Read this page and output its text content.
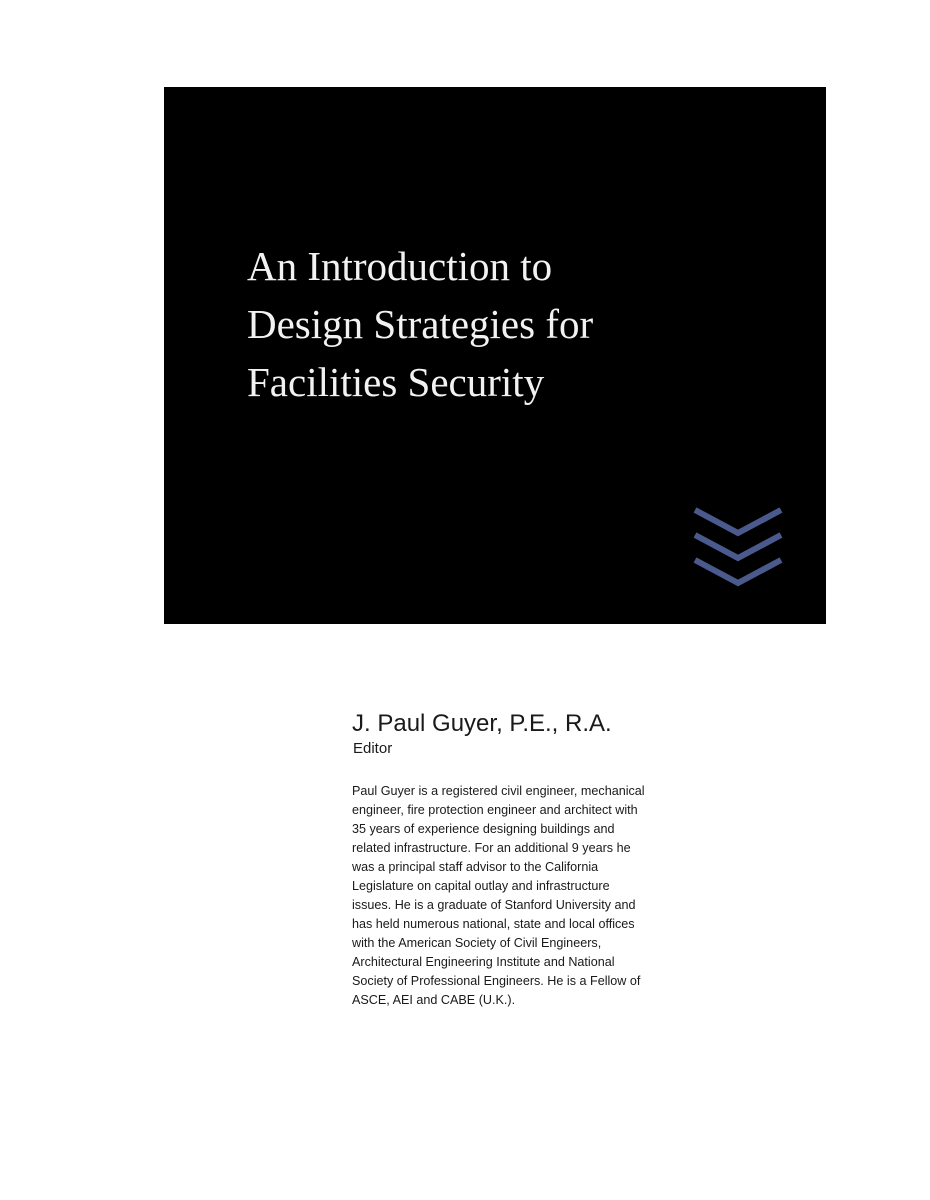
An Introduction to
Design Strategies for
Facilities Security
J. Paul Guyer, P.E., R.A.

Editor

Paul Guyer is a registered civil engineer, mechanical
engineer, fire protection engineer and architect with
35 years of experience designing buildings and
related infrastructure. For an additional 9 years he
was a principal staff advisor to the California
Legislature on capital outlay and infrastructure
issues. He is a graduate of Stanford University and
has held numerous national, state and local offices
with the American Society of Civil Engineers,
Architectural Engineering Institute and National
Society of Professional Engineers. He is a Fellow of
ASCE, AEI and CABE (U.K.).
